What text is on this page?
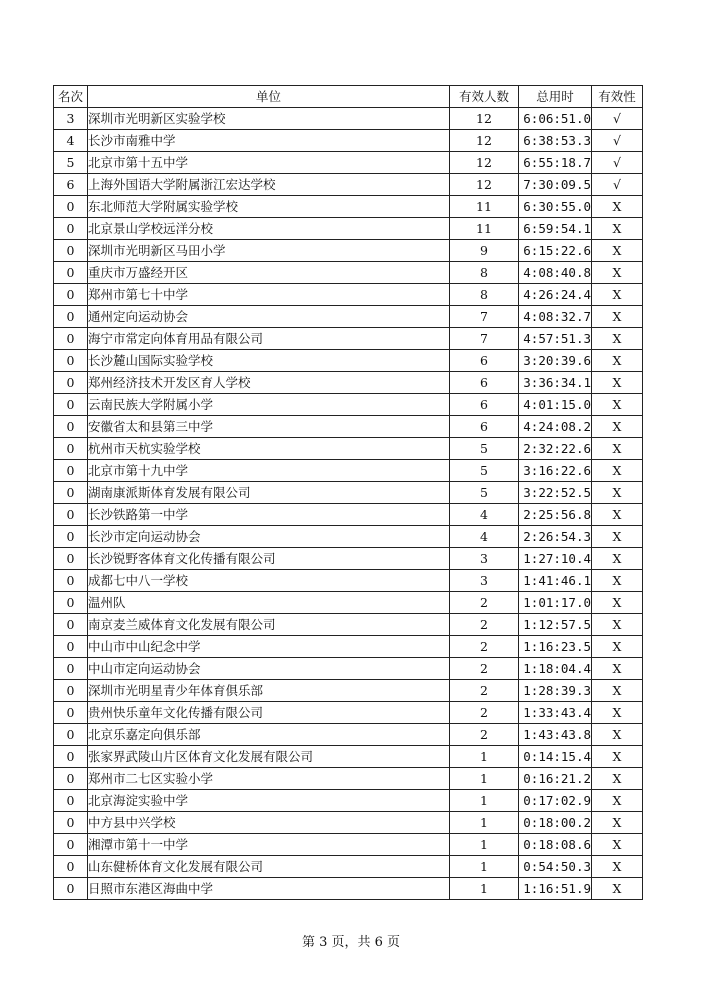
名次	单位	有效人数	总用时	有效性
3	深圳市光明新区实验学校	12	6:06:51.0	√
4	长沙市南雅中学	12	6:38:53.3	√
5	北京市第十五中学	12	6:55:18.7	√
6	上海外国语大学附属浙江宏达学校	12	7:30:09.5	√
0	东北师范大学附属实验学校	11	6:30:55.0	X
0	北京景山学校远洋分校	11	6:59:54.1	X
0	深圳市光明新区马田小学	9	6:15:22.6	X
0	重庆市万盛经开区	8	4:08:40.8	X
0	郑州市第七十中学	8	4:26:24.4	X
0	通州定向运动协会	7	4:08:32.7	X
0	海宁市常定向体育用品有限公司	7	4:57:51.3	X
0	长沙麓山国际实验学校	6	3:20:39.6	X
0	郑州经济技术开发区育人学校	6	3:36:34.1	X
0	云南民族大学附属小学	6	4:01:15.0	X
0	安徽省太和县第三中学	6	4:24:08.2	X
0	杭州市天杭实验学校	5	2:32:22.6	X
0	北京市第十九中学	5	3:16:22.6	X
0	湖南康派斯体育发展有限公司	5	3:22:52.5	X
0	长沙铁路第一中学	4	2:25:56.8	X
0	长沙市定向运动协会	4	2:26:54.3	X
0	长沙锐野客体育文化传播有限公司	3	1:27:10.4	X
0	成都七中八一学校	3	1:41:46.1	X
0	温州队	2	1:01:17.0	X
0	南京麦兰威体育文化发展有限公司	2	1:12:57.5	X
0	中山市中山纪念中学	2	1:16:23.5	X
0	中山市定向运动协会	2	1:18:04.4	X
0	深圳市光明星青少年体育俱乐部	2	1:28:39.3	X
0	贵州快乐童年文化传播有限公司	2	1:33:43.4	X
0	北京乐嘉定向俱乐部	2	1:43:43.8	X
0	张家界武陵山片区体育文化发展有限公司	1	0:14:15.4	X
0	郑州市二七区实验小学	1	0:16:21.2	X
0	北京海淀实验中学	1	0:17:02.9	X
0	中方县中兴学校	1	0:18:00.2	X
0	湘潭市第十一中学	1	0:18:08.6	X
0	山东健桥体育文化发展有限公司	1	0:54:50.3	X
0	日照市东港区海曲中学	1	1:16:51.9	X
第 3 页，共 6 页
